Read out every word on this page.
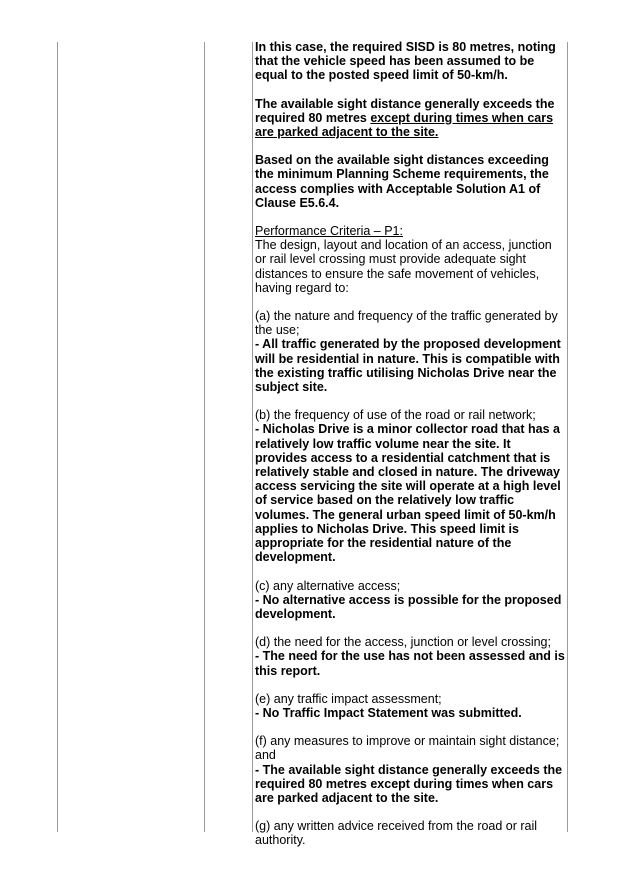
In this case, the required SISD is 80 metres, noting that the vehicle speed has been assumed to be equal to the posted speed limit of 50-km/h.

The available sight distance generally exceeds the required 80 metres except during times when cars are parked adjacent to the site.

Based on the available sight distances exceeding the minimum Planning Scheme requirements, the access complies with Acceptable Solution A1 of Clause E5.6.4.

Performance Criteria – P1:

The design, layout and location of an access, junction or rail level crossing must provide adequate sight distances to ensure the safe movement of vehicles, having regard to:

(a) the nature and frequency of the traffic generated by the use;
- All traffic generated by the proposed development will be residential in nature. This is compatible with the existing traffic utilising Nicholas Drive near the subject site.
(b) the frequency of use of the road or rail network;
- Nicholas Drive is a minor collector road that has a relatively low traffic volume near the site. It provides access to a residential catchment that is relatively stable and closed in nature. The driveway access servicing the site will operate at a high level of service based on the relatively low traffic volumes. The general urban speed limit of 50-km/h applies to Nicholas Drive. This speed limit is appropriate for the residential nature of the development.
(c) any alternative access;
- No alternative access is possible for the proposed development.
(d) the need for the access, junction or level crossing;
- The need for the use has not been assessed and is this report.
(e) any traffic impact assessment;
- No Traffic Impact Statement was submitted.
(f) any measures to improve or maintain sight distance; and
- The available sight distance generally exceeds the required 80 metres except during times when cars are parked adjacent to the site.
(g) any written advice received from the road or rail authority.
